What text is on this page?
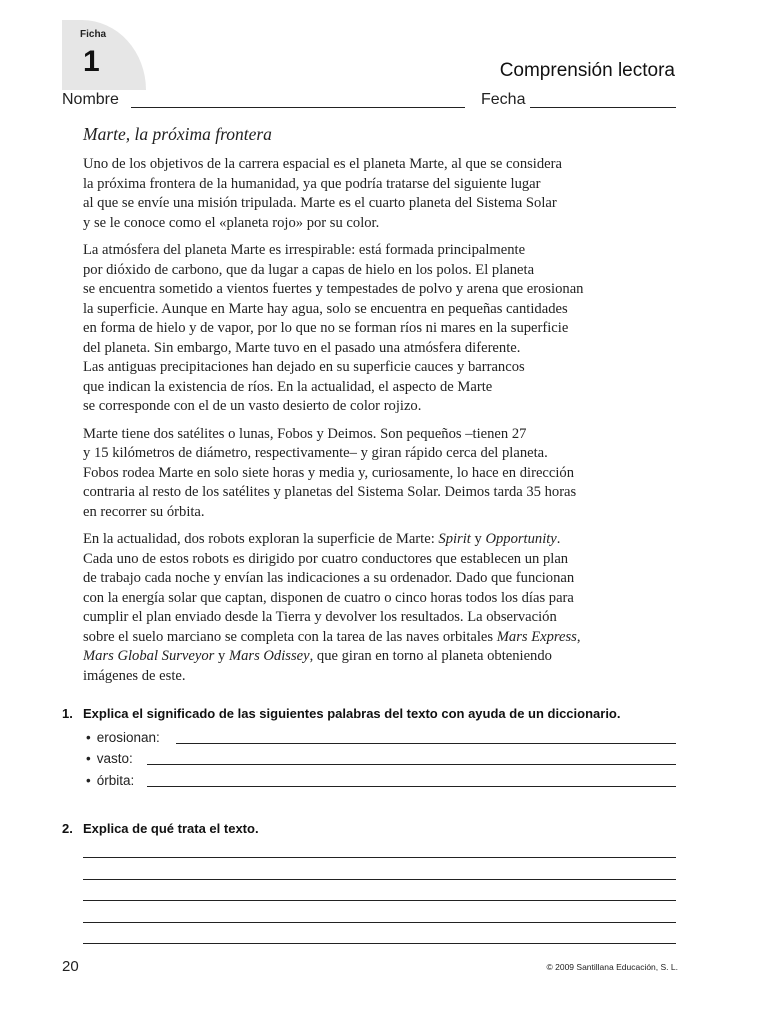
Ficha
1	Comprensión lectora
Nombre	Fecha
Marte, la próxima frontera

Uno de los objetivos de la carrera espacial es el planeta Marte, al que se considera
la próxima frontera de la humanidad, ya que podría tratarse del siguiente lugar
al que se envíe una misión tripulada. Marte es el cuarto planeta del Sistema Solar
y se le conoce como el «planeta rojo» por su color.

La atmósfera del planeta Marte es irrespirable: está formada principalmente
por dióxido de carbono, que da lugar a capas de hielo en los polos. El planeta
se encuentra sometido a vientos fuertes y tempestades de polvo y arena que erosionan
la superficie. Aunque en Marte hay agua, solo se encuentra en pequeñas cantidades
en forma de hielo y de vapor, por lo que no se forman ríos ni mares en la superficie
del planeta. Sin embargo, Marte tuvo en el pasado una atmósfera diferente.
Las antiguas precipitaciones han dejado en su superficie cauces y barrancos
que indican la existencia de ríos. En la actualidad, el aspecto de Marte
se corresponde con el de un vasto desierto de color rojizo.

Marte tiene dos satélites o lunas, Fobos y Deimos. Son pequeños –tienen 27
y 15 kilómetros de diámetro, respectivamente– y giran rápido cerca del planeta.
Fobos rodea Marte en solo siete horas y media y, curiosamente, lo hace en dirección
contraria al resto de los satélites y planetas del Sistema Solar. Deimos tarda 35 horas
en recorrer su órbita.

En la actualidad, dos robots exploran la superficie de Marte: Spirit y Opportunity.
Cada uno de estos robots es dirigido por cuatro conductores que establecen un plan
de trabajo cada noche y envían las indicaciones a su ordenador. Dado que funcionan
con la energía solar que captan, disponen de cuatro o cinco horas todos los días para
cumplir el plan enviado desde la Tierra y devolver los resultados. La observación
sobre el suelo marciano se completa con la tarea de las naves orbitales Mars Express,
Mars Global Surveyor y Mars Odissey, que giran en torno al planeta obteniendo
imágenes de este.

1. Explica el significado de las siguientes palabras del texto con ayuda de un diccionario.
• erosionan:
• vasto:
• órbita:
2. Explica de qué trata el texto.
20	© 2009 Santillana Educación, S. L.
